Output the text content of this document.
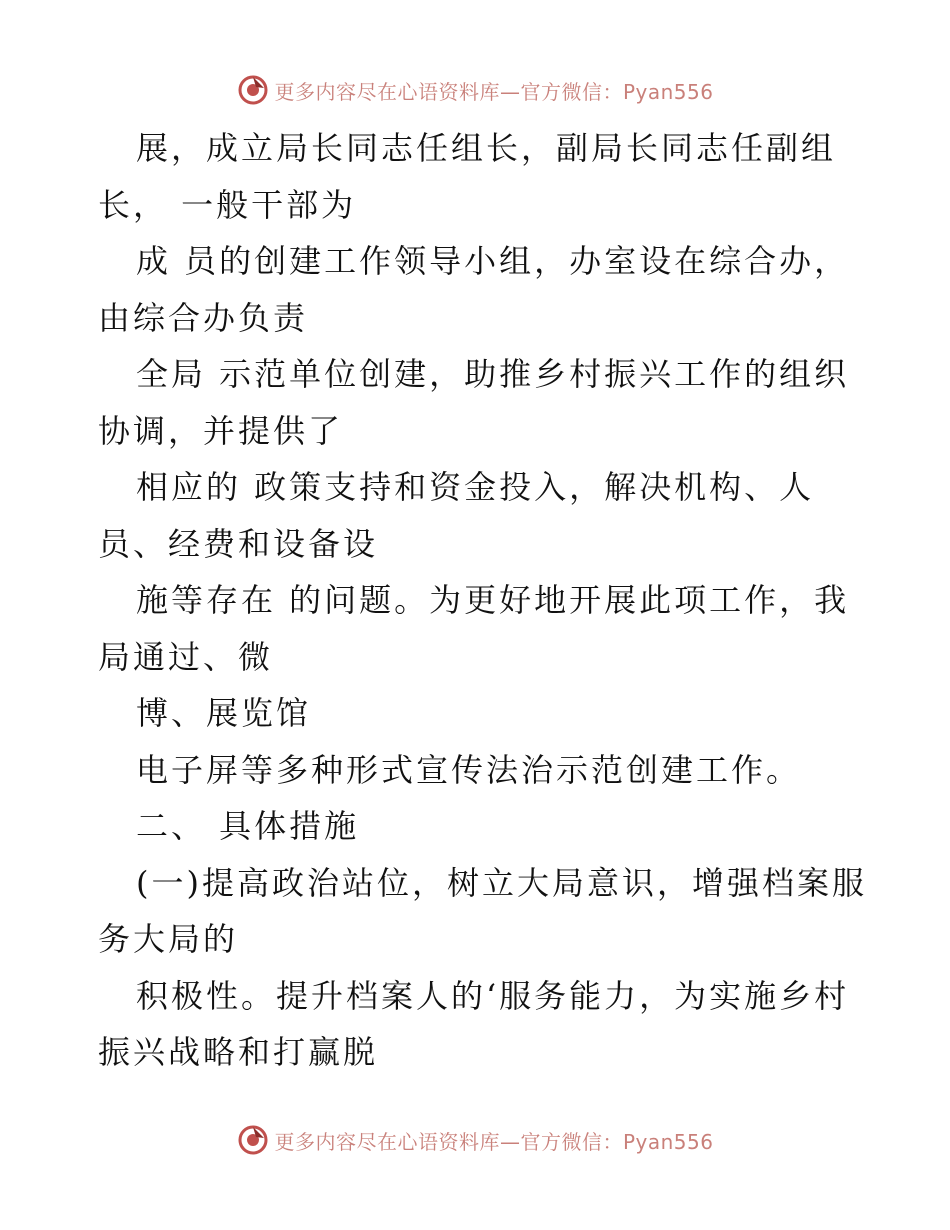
更多内容尽在心语资料库—官方微信：Pyan556
展，成立局长同志任组长，副局长同志任副组
长， 一般干部为
成 员的创建工作领导小组，办室设在综合办，
由综合办负责
全局 示范单位创建，助推乡村振兴工作的组织
协调，并提供了
相应的 政策支持和资金投入，解决机构、人
员、经费和设备设
施等存在 的问题。为更好地开展此项工作，我
局通过、微
博、展览馆
电子屏等多种形式宣传法治示范创建工作。
二、 具体措施
(一)提高政治站位，树立大局意识，增强档案服
务大局的
积极性。提升档案人的‘服务能力，为实施乡村
振兴战略和打赢脱
更多内容尽在心语资料库—官方微信：Pyan556
